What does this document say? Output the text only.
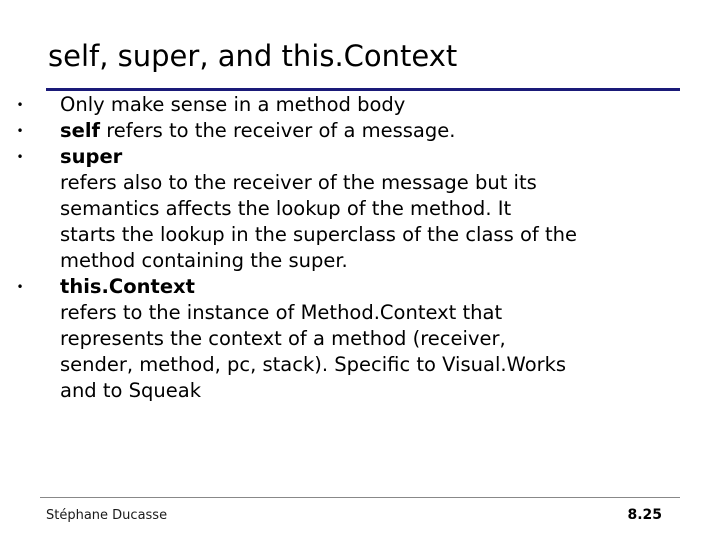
self, super, and this.Context
• Only make sense in a method body
• self refers to the receiver of a message.
• super
refers also to the receiver of the message but its
semantics affects the lookup of the method. It
starts the lookup in the superclass of the class of the
method containing the super.
• this.Context
refers to the instance of Method.Context that
represents the context of a method (receiver,
sender, method, pc, stack). Specific to Visual.Works
and to Squeak
Stéphane Ducasse	8.25
